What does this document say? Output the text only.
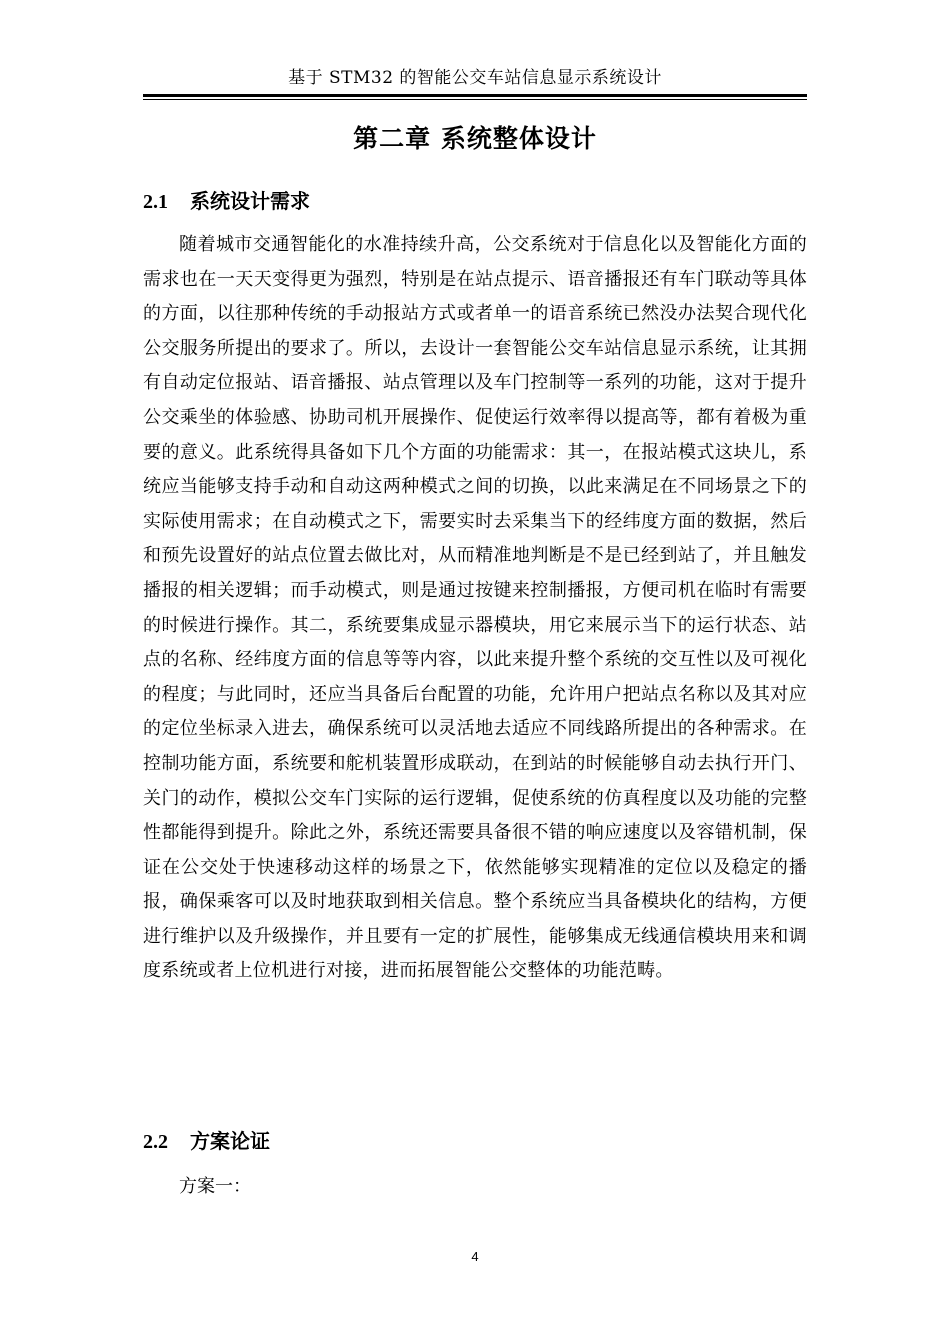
基于 STM32 的智能公交车站信息显示系统设计
第二章 系统整体设计
2.1 系统设计需求
随着城市交通智能化的水准持续升高，公交系统对于信息化以及智能化方面的需求也在一天天变得更为强烈，特别是在站点提示、语音播报还有车门联动等具体的方面，以往那种传统的手动报站方式或者单一的语音系统已然没办法契合现代化公交服务所提出的要求了。所以，去设计一套智能公交车站信息显示系统，让其拥有自动定位报站、语音播报、站点管理以及车门控制等一系列的功能，这对于提升公交乘坐的体验感、协助司机开展操作、促使运行效率得以提高等，都有着极为重要的意义。此系统得具备如下几个方面的功能需求：其一，在报站模式这块儿，系统应当能够支持手动和自动这两种模式之间的切换，以此来满足在不同场景之下的实际使用需求；在自动模式之下，需要实时去采集当下的经纬度方面的数据，然后和预先设置好的站点位置去做比对，从而精准地判断是不是已经到站了，并且触发播报的相关逻辑；而手动模式，则是通过按键来控制播报，方便司机在临时有需要的时候进行操作。其二，系统要集成显示器模块，用它来展示当下的运行状态、站点的名称、经纬度方面的信息等等内容，以此来提升整个系统的交互性以及可视化的程度；与此同时，还应当具备后台配置的功能，允许用户把站点名称以及其对应的定位坐标录入进去，确保系统可以灵活地去适应不同线路所提出的各种需求。在控制功能方面，系统要和舵机装置形成联动，在到站的时候能够自动去执行开门、关门的动作，模拟公交车门实际的运行逻辑，促使系统的仿真程度以及功能的完整性都能得到提升。除此之外，系统还需要具备很不错的响应速度以及容错机制，保证在公交处于快速移动这样的场景之下，依然能够实现精准的定位以及稳定的播报，确保乘客可以及时地获取到相关信息。整个系统应当具备模块化的结构，方便进行维护以及升级操作，并且要有一定的扩展性，能够集成无线通信模块用来和调度系统或者上位机进行对接，进而拓展智能公交整体的功能范畴。
2.2 方案论证
方案一：
4
